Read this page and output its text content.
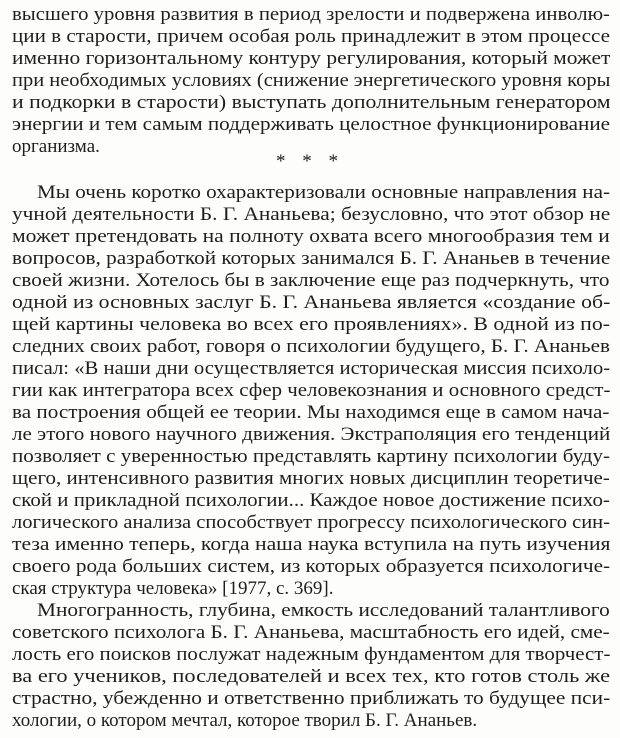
высшего уровня развития в период зрелости и подвержена инволю-
ции в старости, причем особая роль принадлежит в этом процессе
именно горизонтальному контуру регулирования, который может
при необходимых условиях (снижение энергетического уровня коры
и подкорки в старости) выступать дополнительным генератором
энергии и тем самым поддерживать целостное функционирование
организма.
* * *
Мы очень коротко охарактеризовали основные направления на-
учной деятельности Б. Г. Ананьева; безусловно, что этот обзор не
может претендовать на полноту охвата всего многообразия тем и
вопросов, разработкой которых занимался Б. Г. Ананьев в течение
своей жизни. Хотелось бы в заключение еще раз подчеркнуть, что
одной из основных заслуг Б. Г. Ананьева является «создание об-
щей картины человека во всех его проявлениях». В одной из по-
следних своих работ, говоря о психологии будущего, Б. Г. Ананьев
писал: «В наши дни осуществляется историческая миссия психоло-
гии как интегратора всех сфер человекознания и основного средст-
ва построения общей ее теории. Мы находимся еще в самом нача-
ле этого нового научного движения. Экстраполяция его тенденций
позволяет с уверенностью представлять картину психологии буду-
щего, интенсивного развития многих новых дисциплин теоретиче-
ской и прикладной психологии... Каждое новое достижение психо-
логического анализа способствует прогрессу психологического син-
теза именно теперь, когда наша наука вступила на путь изучения
своего рода больших систем, из которых образуется психологиче-
ская структура человека» [1977, с. 369].
Многогранность, глубина, емкость исследований талантливого
советского психолога Б. Г. Ананьева, масштабность его идей, сме-
лость его поисков послужат надежным фундаментом для творчест-
ва его учеников, последователей и всех тех, кто готов столь же
страстно, убежденно и ответственно приближать то будущее пси-
хологии, о котором мечтал, которое творил Б. Г. Ананьев.
